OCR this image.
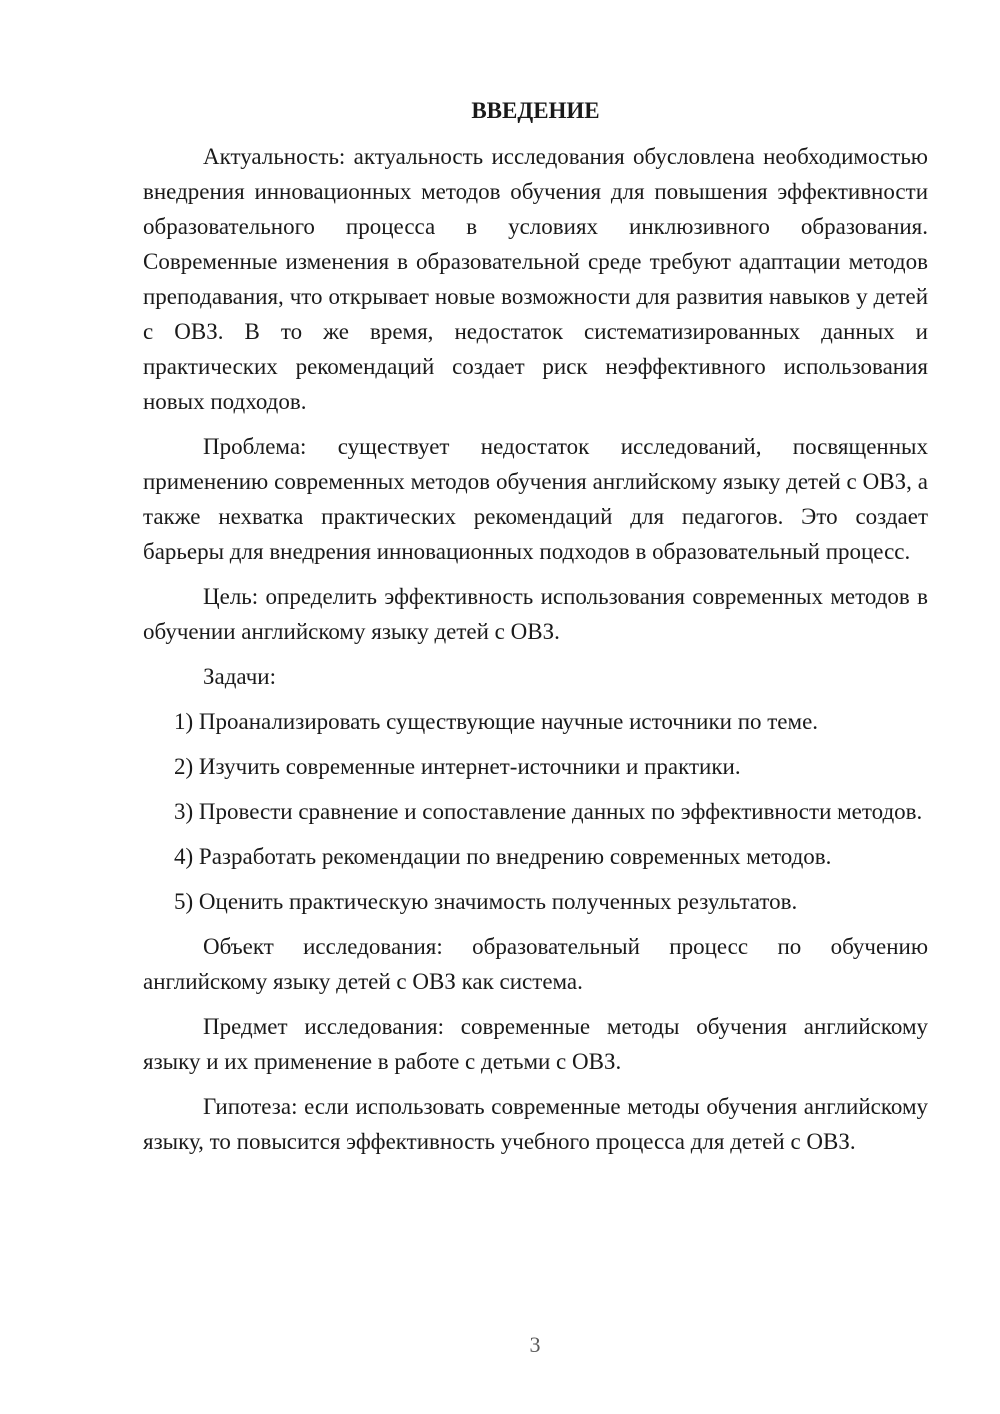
ВВЕДЕНИЕ

Актуальность: актуальность исследования обусловлена необходимостью внедрения инновационных методов обучения для повышения эффективности образовательного процесса в условиях инклюзивного образования. Современные изменения в образовательной среде требуют адаптации методов преподавания, что открывает новые возможности для развития навыков у детей с ОВЗ. В то же время, недостаток систематизированных данных и практических рекомендаций создает риск неэффективного использования новых подходов.

Проблема: существует недостаток исследований, посвященных применению современных методов обучения английскому языку детей с ОВЗ, а также нехватка практических рекомендаций для педагогов. Это создает барьеры для внедрения инновационных подходов в образовательный процесс.

Цель: определить эффективность использования современных методов в обучении английскому языку детей с ОВЗ.

Задачи:

1) Проанализировать существующие научные источники по теме.

2) Изучить современные интернет-источники и практики.

3) Провести сравнение и сопоставление данных по эффективности методов.

4) Разработать рекомендации по внедрению современных методов.

5) Оценить практическую значимость полученных результатов.

Объект исследования: образовательный процесс по обучению английскому языку детей с ОВЗ как система.

Предмет исследования: современные методы обучения английскому языку и их применение в работе с детьми с ОВЗ.

Гипотеза: если использовать современные методы обучения английскому языку, то повысится эффективность учебного процесса для детей с ОВЗ.

3
